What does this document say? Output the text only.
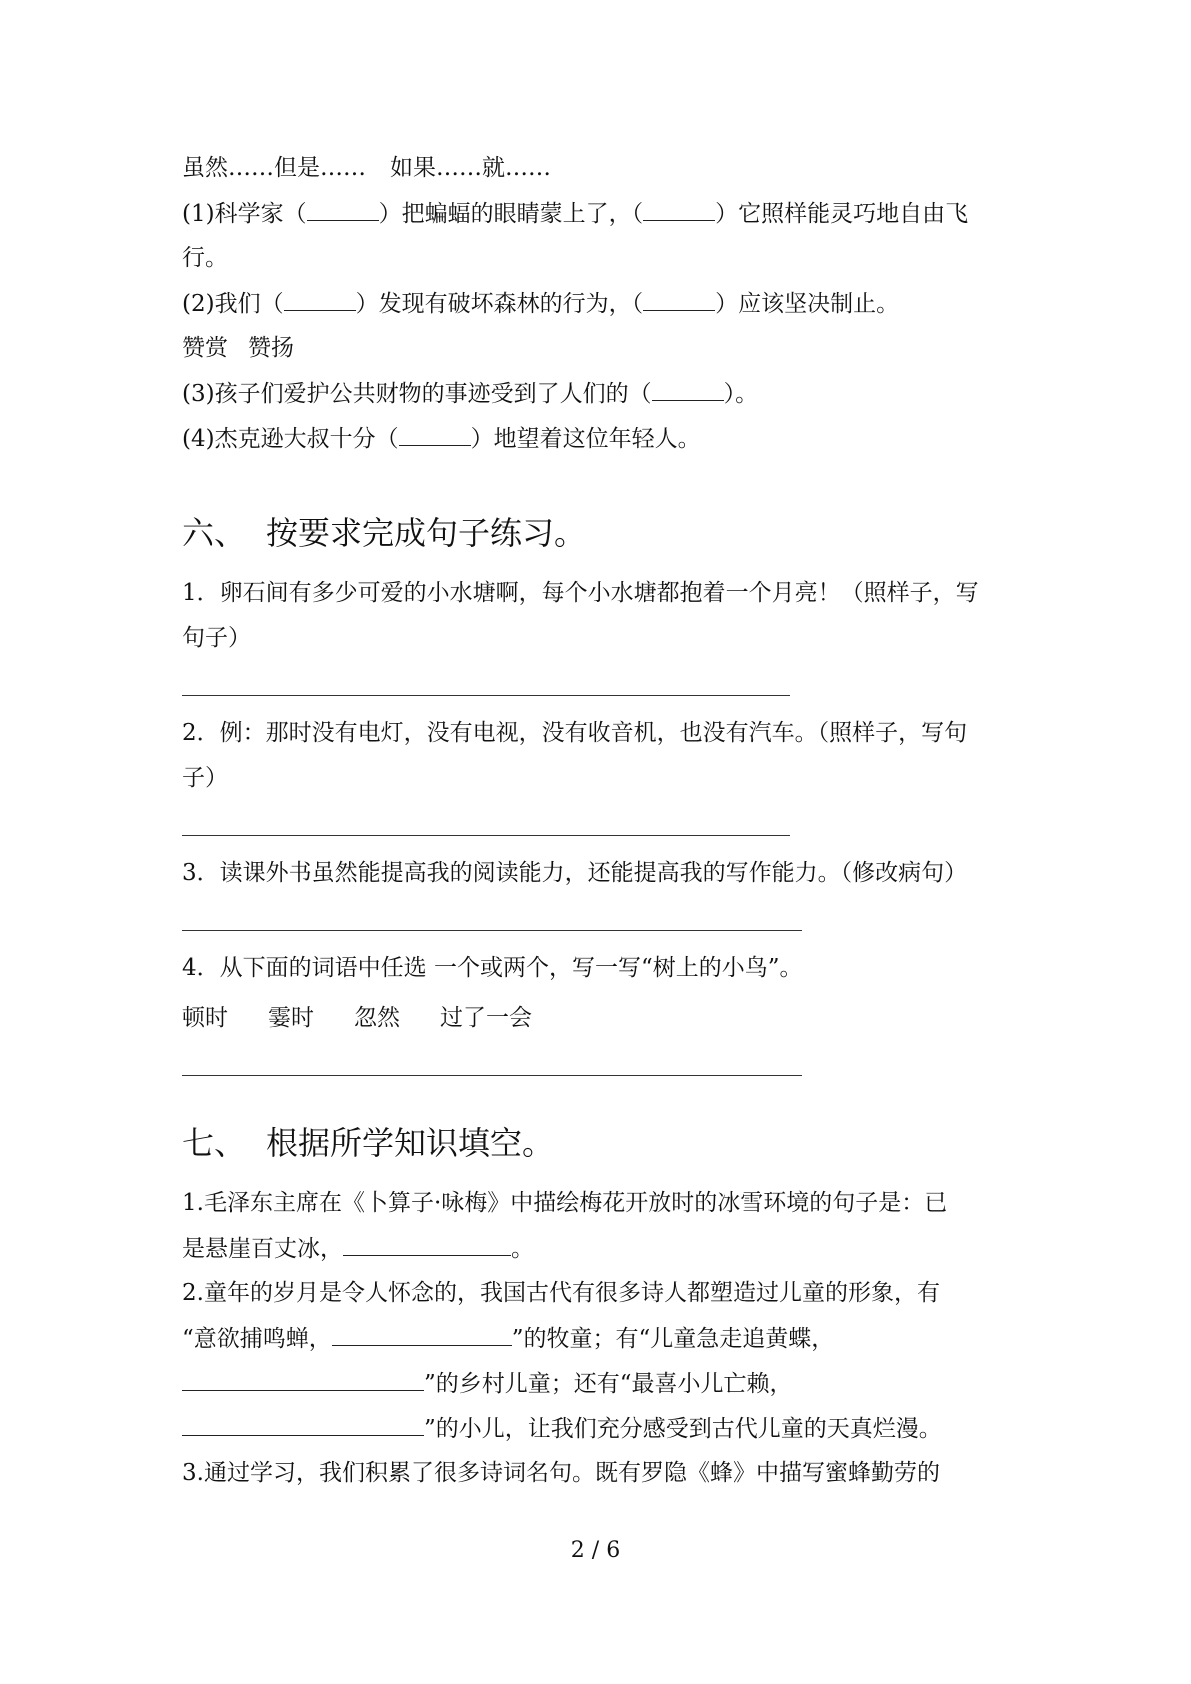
虽然……但是…… 如果……就……
(1)科学家（	）把蝙蝠的眼睛蒙上了，（	）它照样能灵巧地自由飞
行。
(2)我们（	）发现有破坏森林的行为，（	）应该坚决制止。
赞赏 赞扬
(3)孩子们爱护公共财物的事迹受到了人们的（	）。
(4)杰克逊大叔十分（	）地望着这位年轻人。
六、 按要求完成句子练习。
1．卵石间有多少可爱的小水塘啊，每个小水塘都抱着一个月亮！（照样子，写
句子）
2．例：那时没有电灯，没有电视，没有收音机，也没有汽车。（照样子，写句
子）
3．读课外书虽然能提高我的阅读能力，还能提高我的写作能力。（修改病句）
4．从下面的词语中任选 一个或两个，写一写“树上的小鸟”。
顿时 霎时 忽然 过了一会
七、 根据所学知识填空。
1.毛泽东主席在《卜算子·咏梅》中描绘梅花开放时的冰雪环境的句子是：已
是悬崖百丈冰，	。
2.童年的岁月是令人怀念的，我国古代有很多诗人都塑造过儿童的形象，有
“意欲捕鸣蝉，	”的牧童；有“儿童急走追黄蝶，
”的乡村儿童；还有“最喜小儿亡赖，
”的小儿，让我们充分感受到古代儿童的天真烂漫。
3.通过学习，我们积累了很多诗词名句。既有罗隐《蜂》中描写蜜蜂勤劳的
2 / 6
